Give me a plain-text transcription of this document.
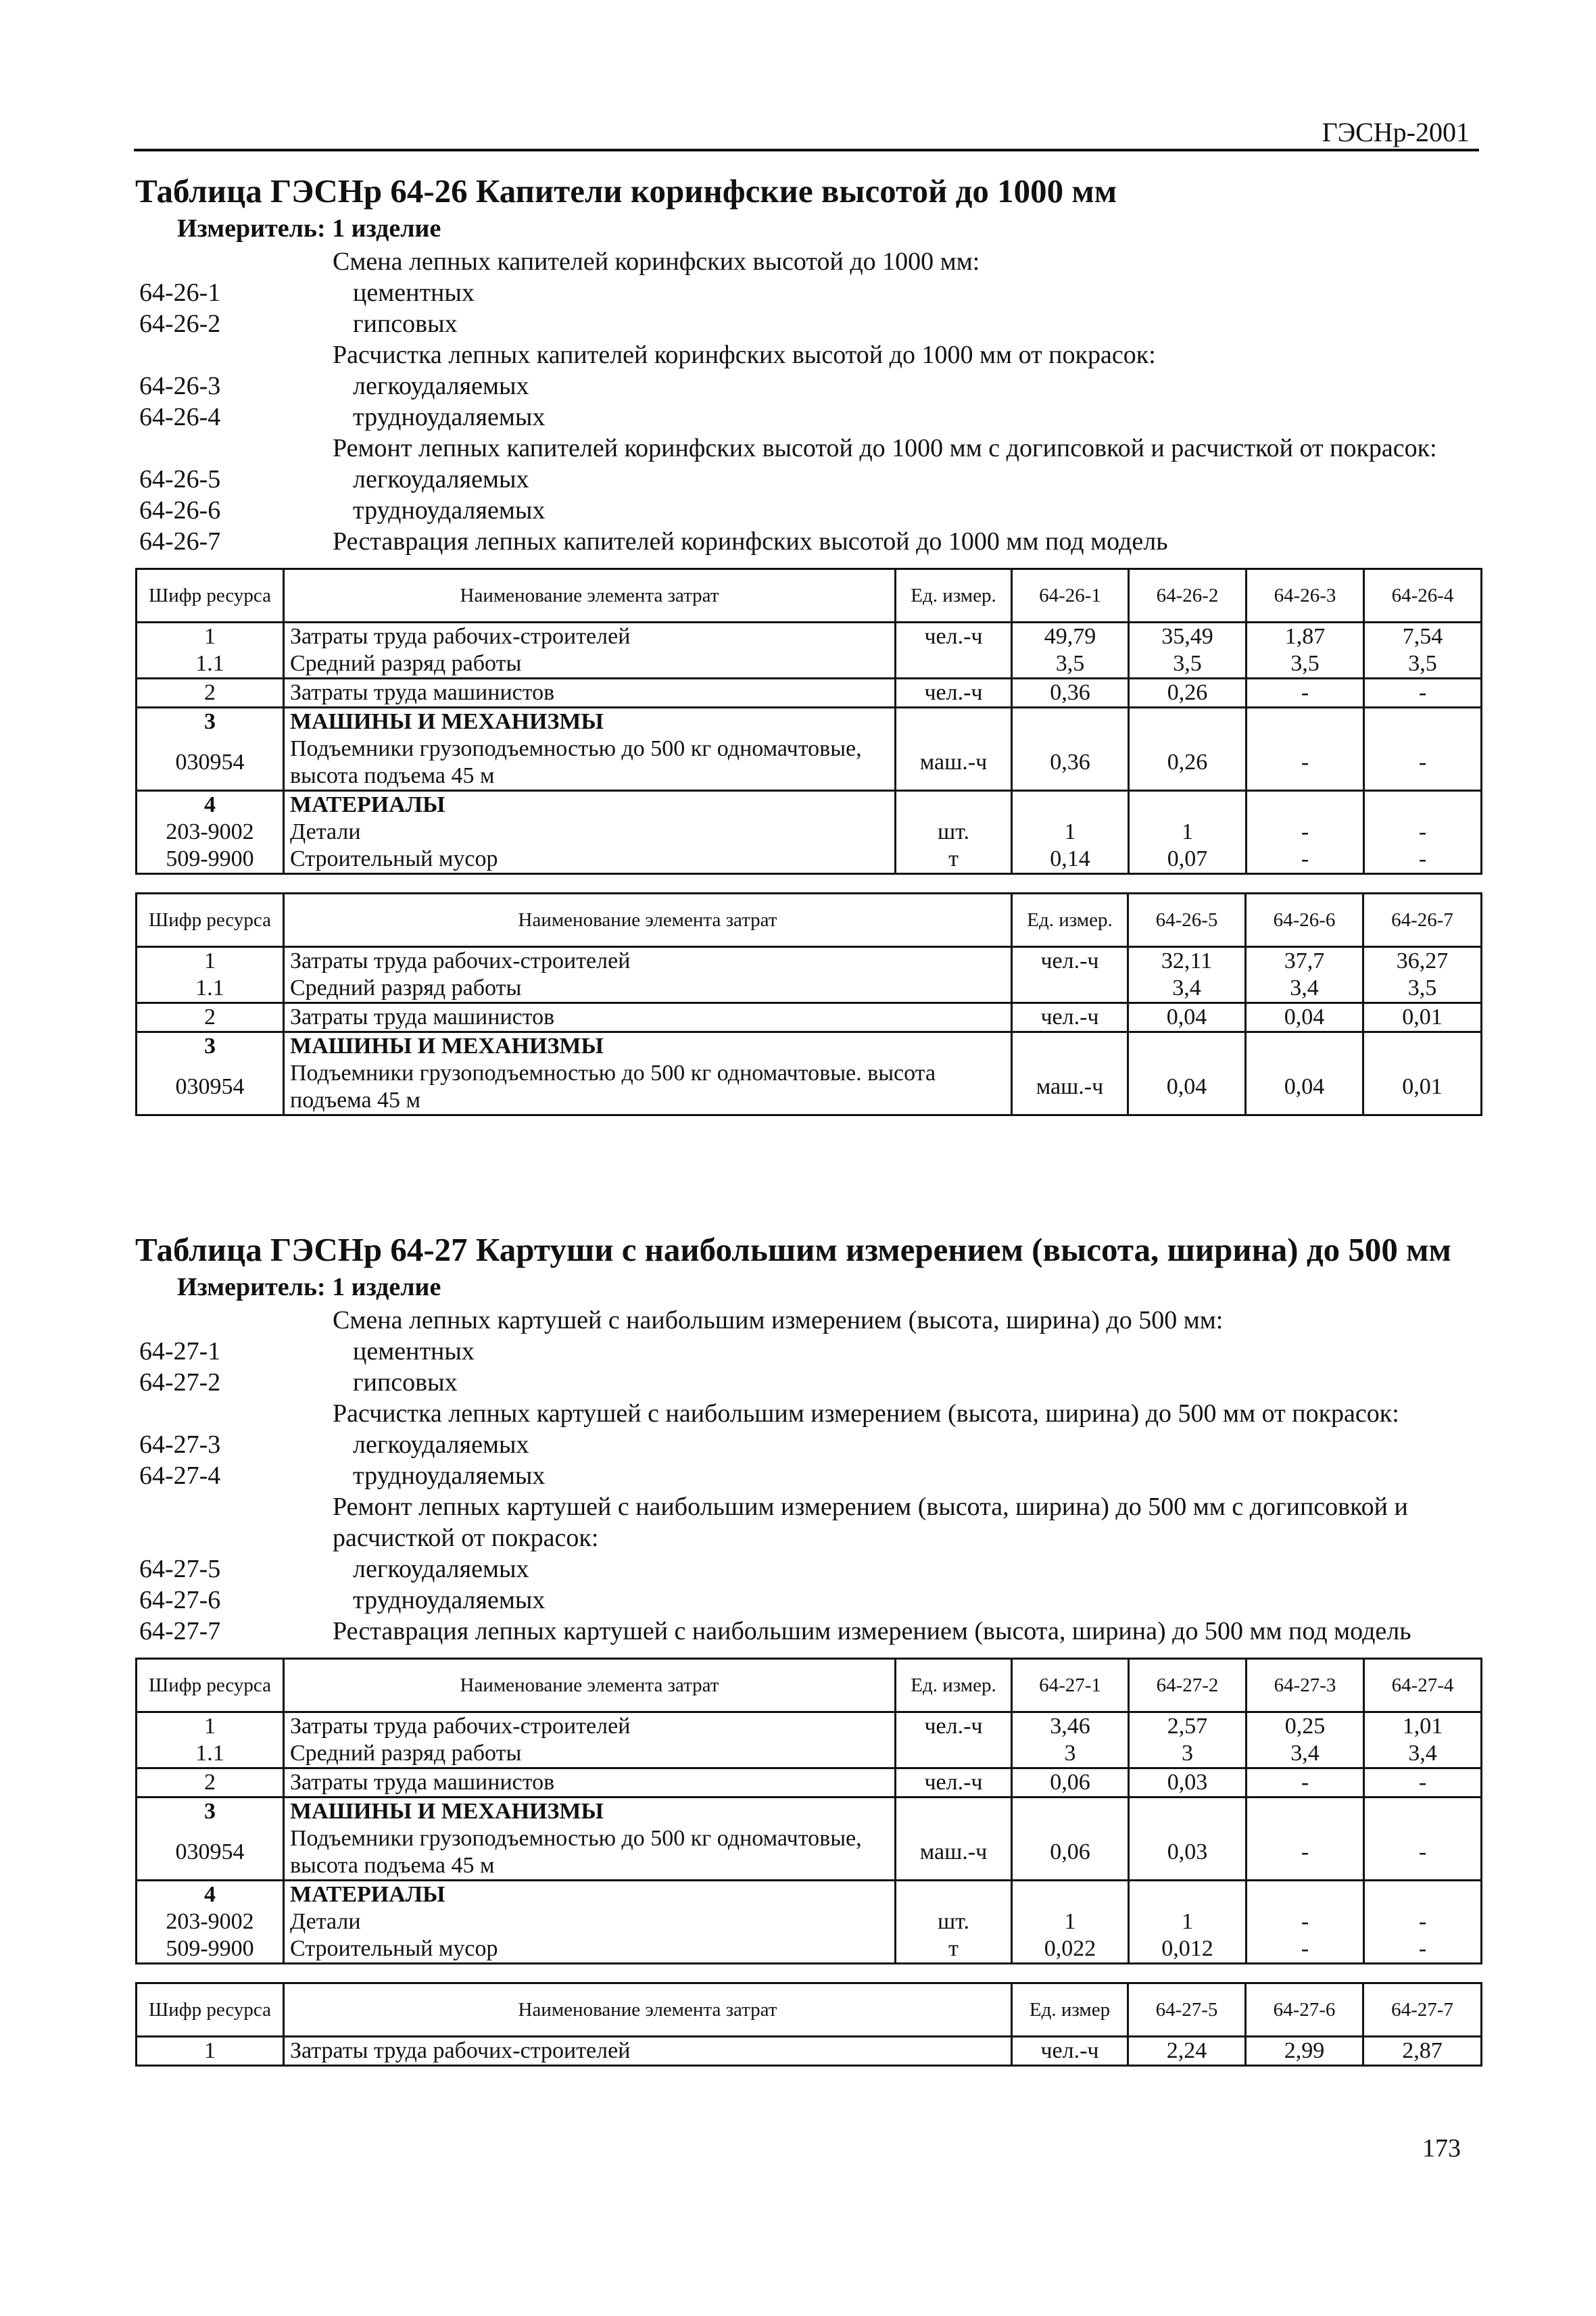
ГЭСНр-2001
Таблица ГЭСНр 64-26 Капители коринфские высотой до 1000 мм
Измеритель: 1 изделие
Смена лепных капителей коринфских высотой до 1000 мм:
64-26-1	цементных
64-26-2	гипсовых
Расчистка лепных капителей коринфских высотой до 1000 мм от покрасок:
64-26-3	легкоудаляемых
64-26-4	трудноудаляемых
Ремонт лепных капителей коринфских высотой до 1000 мм с догипсовкой и расчисткой от покрасок:
64-26-5	легкоудаляемых
64-26-6	трудноудаляемых
64-26-7	Реставрация лепных капителей коринфских высотой до 1000 мм под модель
Шифр ресурса	Наименование элемента затрат	Ед. измер.	64-26-1	64-26-2	64-26-3	64-26-4
1	Затраты труда рабочих-строителей	чел.-ч	49,79	35,49	1,87	7,54
1.1	Средний разряд работы		3,5	3,5	3,5	3,5
2	Затраты труда машинистов	чел.-ч	0,36	0,26	-	-
3	МАШИНЫ И МЕХАНИЗМЫ					
030954	Подъемники грузоподъемностью до 500 кг одномачтовые, высота подъема 45 м	маш.-ч	0,36	0,26	-	-
4	МАТЕРИАЛЫ					
203-9002	Детали	шт.	1	1	-	-
509-9900	Строительный мусор	т	0,14	0,07	-	-
Шифр ресурса	Наименование элемента затрат	Ед. измер.	64-26-5	64-26-6	64-26-7
1	Затраты труда рабочих-строителей	чел.-ч	32,11	37,7	36,27
1.1	Средний разряд работы		3,4	3,4	3,5
2	Затраты труда машинистов	чел.-ч	0,04	0,04	0,01
3	МАШИНЫ И МЕХАНИЗМЫ				
030954	Подъемники грузоподъемностью до 500 кг одномачтовые. высота подъема 45 м	маш.-ч	0,04	0,04	0,01
Таблица ГЭСНр 64-27 Картуши с наибольшим измерением (высота, ширина) до 500 мм
Измеритель: 1 изделие
Смена лепных картушей с наибольшим измерением (высота, ширина) до 500 мм:
64-27-1	цементных
64-27-2	гипсовых
Расчистка лепных картушей с наибольшим измерением (высота, ширина) до 500 мм от покрасок:
64-27-3	легкоудаляемых
64-27-4	трудноудаляемых
Ремонт лепных картушей с наибольшим измерением (высота, ширина) до 500 мм с догипсовкой и расчисткой от покрасок:
64-27-5	легкоудаляемых
64-27-6	трудноудаляемых
64-27-7	Реставрация лепных картушей с наибольшим измерением (высота, ширина) до 500 мм под модель
Шифр ресурса	Наименование элемента затрат	Ед. измер.	64-27-1	64-27-2	64-27-3	64-27-4
1	Затраты труда рабочих-строителей	чел.-ч	3,46	2,57	0,25	1,01
1.1	Средний разряд работы		3	3	3,4	3,4
2	Затраты труда машинистов	чел.-ч	0,06	0,03	-	-
3	МАШИНЫ И МЕХАНИЗМЫ					
030954	Подъемники грузоподъемностью до 500 кг одномачтовые, высота подъема 45 м	маш.-ч	0,06	0,03	-	-
4	МАТЕРИАЛЫ					
203-9002	Детали	шт.	1	1	-	-
509-9900	Строительный мусор	т	0,022	0,012	-	-
Шифр ресурса	Наименование элемента затрат	Ед. измер	64-27-5	64-27-6	64-27-7
1	Затраты труда рабочих-строителей	чел.-ч	2,24	2,99	2,87
173
